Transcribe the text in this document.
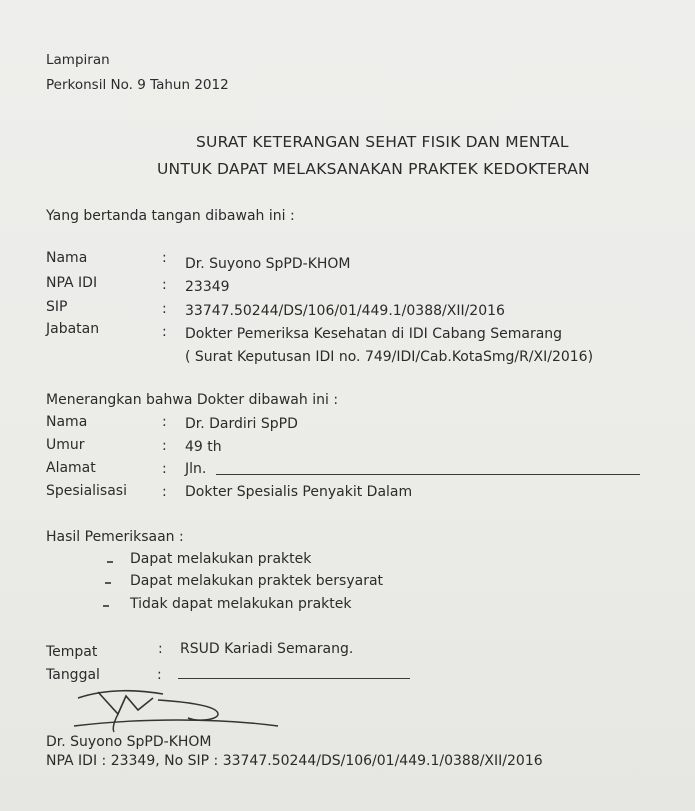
Lampiran
Perkonsil No. 9 Tahun 2012
SURAT KETERANGAN SEHAT FISIK DAN MENTAL
UNTUK DAPAT MELAKSANAKAN PRAKTEK KEDOKTERAN
Yang bertanda tangan dibawah ini :
Nama	: Dr. Suyono SpPD-KHOM
NPA IDI	: 23349
SIP	: 33747.50244/DS/106/01/449.1/0388/XII/2016
Jabatan	: Dokter Pemeriksa Kesehatan di IDI Cabang Semarang
( Surat Keputusan IDI no. 749/IDI/Cab.KotaSmg/R/XI/2016)
Menerangkan bahwa Dokter dibawah ini :
Nama	: Dr. Dardiri SpPD
Umur	: 49 th
Alamat	: Jln.
Spesialisasi	: Dokter Spesialis Penyakit Dalam
Hasil Pemeriksaan :
Dapat melakukan praktek
Dapat melakukan praktek bersyarat
Tidak dapat melakukan praktek
Tempat	: RSUD Kariadi Semarang.
Tanggal	:
Dr. Suyono SpPD-KHOM
NPA IDI : 23349, No SIP : 33747.50244/DS/106/01/449.1/0388/XII/2016
